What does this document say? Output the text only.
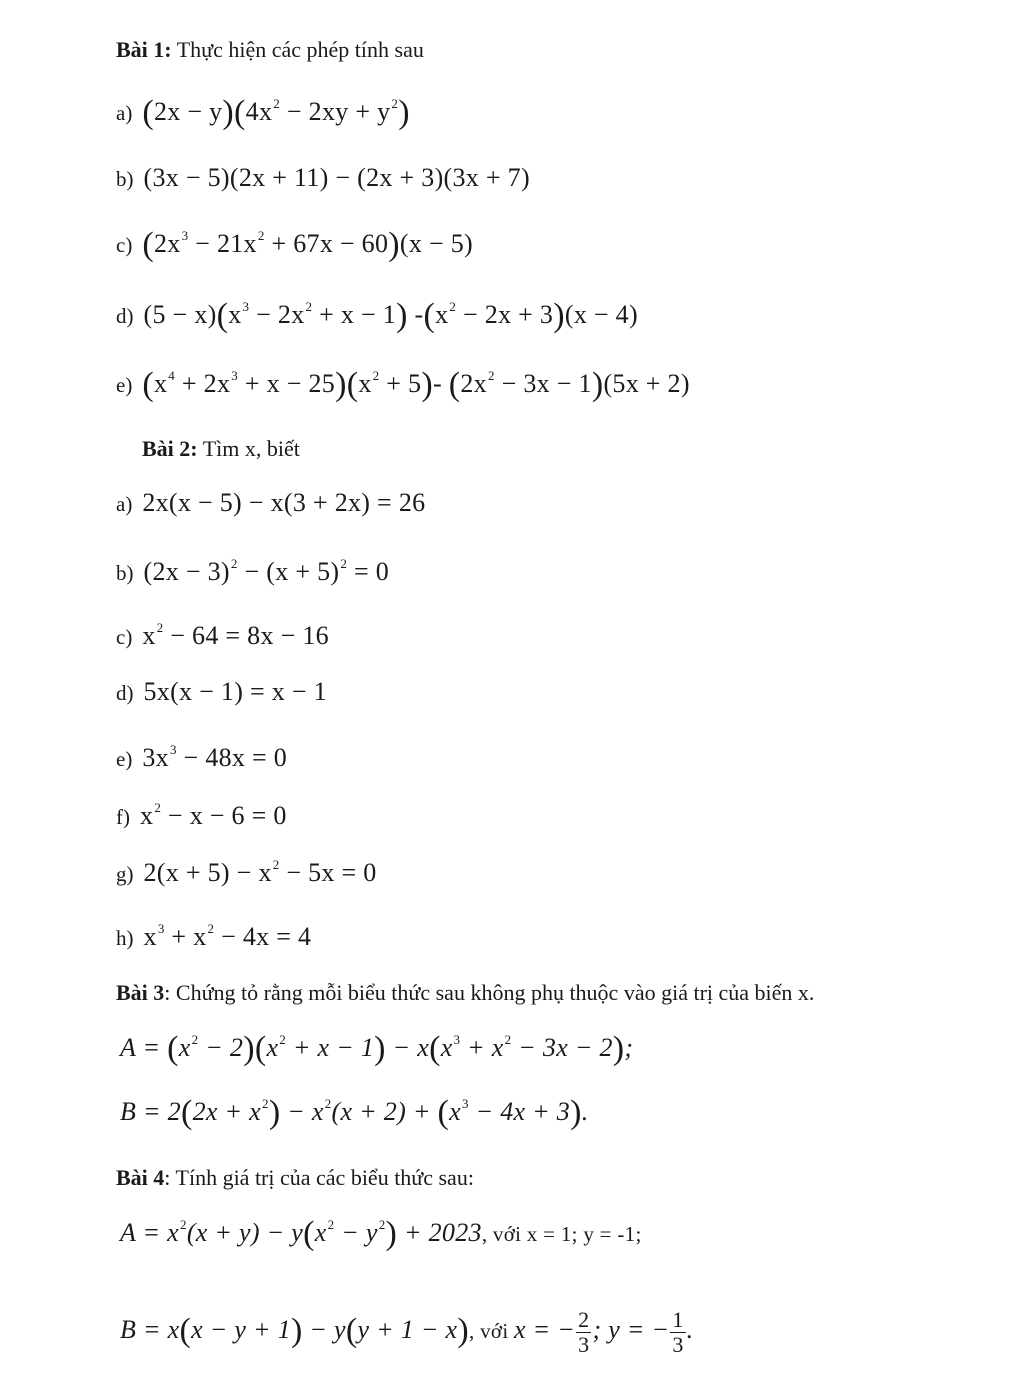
Bài 1: Thực hiện các phép tính sau
a) $(2x - y)(4x^2 - 2xy + y^2)$
b) (3x − 5)(2x + 11) − (2x + 3)(3x + 7)
c) $(2x^3 - 21x^2 + 67x - 60)(x - 5)$
d) $(5 - x)(x^3 - 2x^2 + x - 1)$ $-(x^2 - 2x + 3)(x - 4)$
e) $(x^4 + 2x^3 + x - 25)(x^2 + 5)-$ $(2x^2 - 3x - 1)(5x + 2)$
Bài 2: Tìm x, biết
a) 2x(x − 5) − x(3 + 2x) = 26
b) $(2x - 3)^2 - (x + 5)^2 = 0$
c) $x^2 - 64 = 8x - 16$
d) 5x(x − 1) = x − 1
e) $3x^3 - 48x = 0$
f) $x^2 - x - 6 = 0$
g) $2(x + 5) - x^2 - 5x = 0$
h) $x^3 + x^2 - 4x = 4$
Bài 3: Chứng tỏ rằng mỗi biểu thức sau không phụ thuộc vào giá trị của biến x.
$A = (x^2 - 2)(x^2 + x - 1) - x(x^3 + x^2 - 3x - 2)$;
$B = 2(2x + x^2) - x^2(x + 2) + (x^3 - 4x + 3)$.
Bài 4: Tính giá trị của các biểu thức sau:
$A = x^2(x + y) - y(x^2 - y^2) + 2023$, với x = 1; y = -1;
B = x(x − y + 1) − y(y + 1 − x), với x = − $\frac{2}{3}$ ; y = − $\frac{1}{3}$ .
